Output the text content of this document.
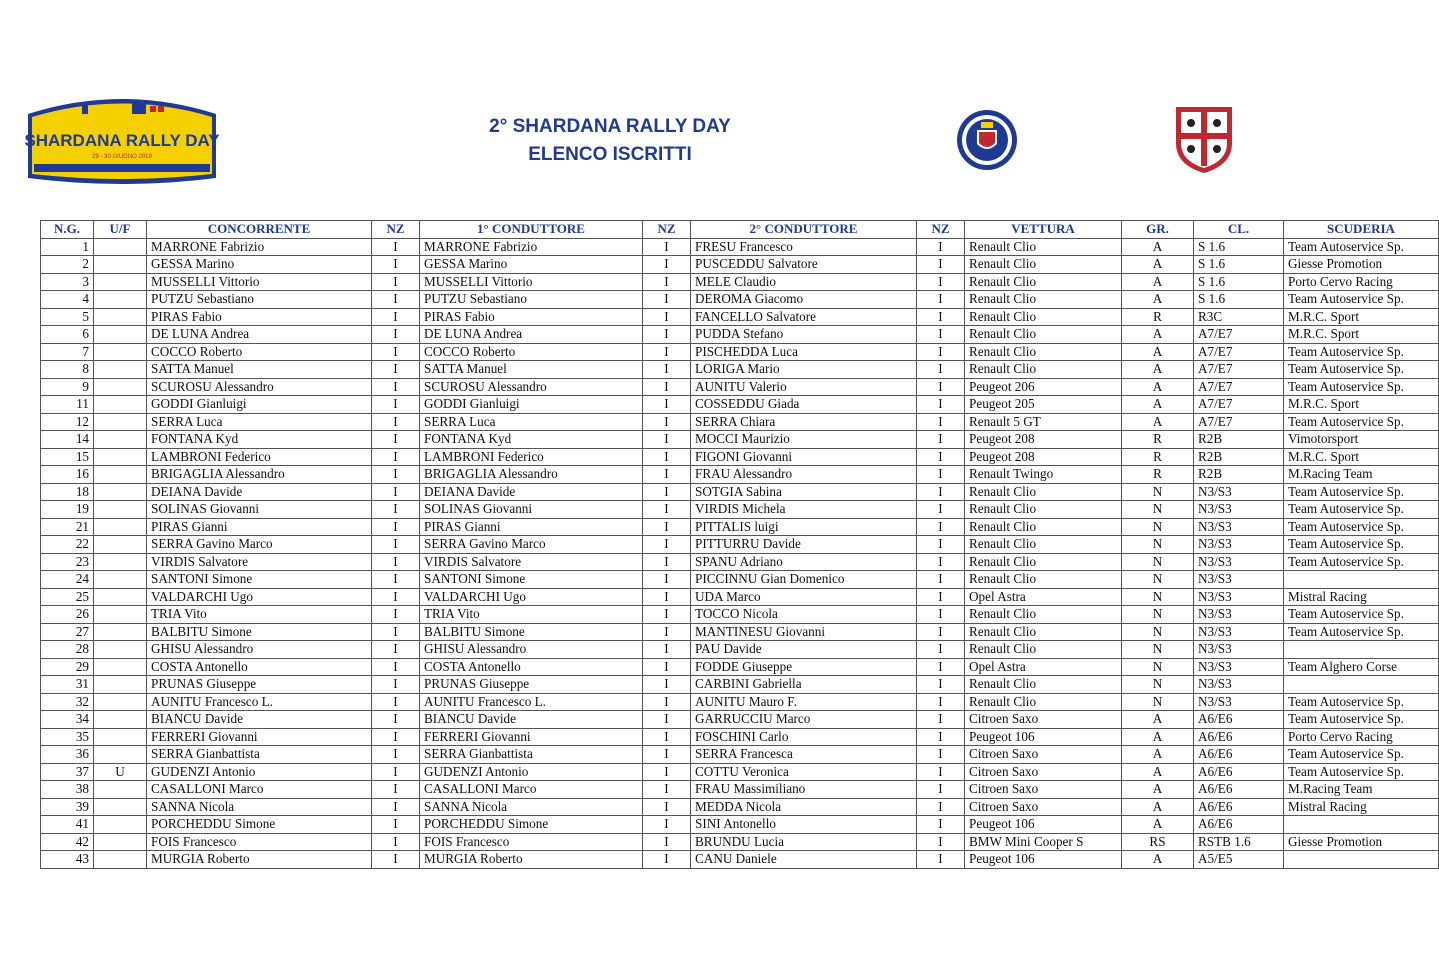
SHARDANA RALLY DAY
29 - 30 GIUGNO 2019
2° SHARDANA RALLY DAY
ELENCO ISCRITTI
N.G.	U/F	CONCORRENTE	NZ	1° CONDUTTORE	NZ	2° CONDUTTORE	NZ	VETTURA	GR.	CL.	SCUDERIA
1		MARRONE Fabrizio	I	MARRONE Fabrizio	I	FRESU Francesco	I	Renault Clio	A	S 1.6	Team Autoservice Sp.
2		GESSA Marino	I	GESSA Marino	I	PUSCEDDU Salvatore	I	Renault Clio	A	S 1.6	Giesse Promotion
3		MUSSELLI Vittorio	I	MUSSELLI Vittorio	I	MELE Claudio	I	Renault Clio	A	S 1.6	Porto Cervo Racing
4		PUTZU Sebastiano	I	PUTZU Sebastiano	I	DEROMA Giacomo	I	Renault Clio	A	S 1.6	Team Autoservice Sp.
5		PIRAS Fabio	I	PIRAS Fabio	I	FANCELLO Salvatore	I	Renault Clio	R	R3C	M.R.C. Sport
6		DE LUNA Andrea	I	DE LUNA Andrea	I	PUDDA Stefano	I	Renault Clio	A	A7/E7	M.R.C. Sport
7		COCCO Roberto	I	COCCO Roberto	I	PISCHEDDA Luca	I	Renault Clio	A	A7/E7	Team Autoservice Sp.
8		SATTA Manuel	I	SATTA Manuel	I	LORIGA Mario	I	Renault Clio	A	A7/E7	Team Autoservice Sp.
9		SCUROSU Alessandro	I	SCUROSU Alessandro	I	AUNITU Valerio	I	Peugeot 206	A	A7/E7	Team Autoservice Sp.
11		GODDI Gianluigi	I	GODDI Gianluigi	I	COSSEDDU Giada	I	Peugeot 205	A	A7/E7	M.R.C. Sport
12		SERRA Luca	I	SERRA Luca	I	SERRA Chiara	I	Renault 5 GT	A	A7/E7	Team Autoservice Sp.
14		FONTANA Kyd	I	FONTANA Kyd	I	MOCCI Maurizio	I	Peugeot 208	R	R2B	Vimotorsport
15		LAMBRONI Federico	I	LAMBRONI Federico	I	FIGONI Giovanni	I	Peugeot 208	R	R2B	M.R.C. Sport
16		BRIGAGLIA Alessandro	I	BRIGAGLIA Alessandro	I	FRAU Alessandro	I	Renault Twingo	R	R2B	M.Racing Team
18		DEIANA Davide	I	DEIANA Davide	I	SOTGIA Sabina	I	Renault Clio	N	N3/S3	Team Autoservice Sp.
19		SOLINAS Giovanni	I	SOLINAS Giovanni	I	VIRDIS Michela	I	Renault Clio	N	N3/S3	Team Autoservice Sp.
21		PIRAS Gianni	I	PIRAS Gianni	I	PITTALIS luigi	I	Renault Clio	N	N3/S3	Team Autoservice Sp.
22		SERRA Gavino Marco	I	SERRA Gavino Marco	I	PITTURRU Davide	I	Renault Clio	N	N3/S3	Team Autoservice Sp.
23		VIRDIS Salvatore	I	VIRDIS Salvatore	I	SPANU Adriano	I	Renault Clio	N	N3/S3	Team Autoservice Sp.
24		SANTONI Simone	I	SANTONI Simone	I	PICCINNU Gian Domenico	I	Renault Clio	N	N3/S3	
25		VALDARCHI Ugo	I	VALDARCHI Ugo	I	UDA Marco	I	Opel Astra	N	N3/S3	Mistral Racing
26		TRIA Vito	I	TRIA Vito	I	TOCCO Nicola	I	Renault Clio	N	N3/S3	Team Autoservice Sp.
27		BALBITU Simone	I	BALBITU Simone	I	MANTINESU Giovanni	I	Renault Clio	N	N3/S3	Team Autoservice Sp.
28		GHISU Alessandro	I	GHISU Alessandro	I	PAU Davide	I	Renault Clio	N	N3/S3	
29		COSTA Antonello	I	COSTA Antonello	I	FODDE Giuseppe	I	Opel Astra	N	N3/S3	Team Alghero Corse
31		PRUNAS Giuseppe	I	PRUNAS Giuseppe	I	CARBINI Gabriella	I	Renault Clio	N	N3/S3	
32		AUNITU Francesco L.	I	AUNITU Francesco L.	I	AUNITU Mauro F.	I	Renault Clio	N	N3/S3	Team Autoservice Sp.
34		BIANCU Davide	I	BIANCU Davide	I	GARRUCCIU Marco	I	Citroen Saxo	A	A6/E6	Team Autoservice Sp.
35		FERRERI Giovanni	I	FERRERI Giovanni	I	FOSCHINI Carlo	I	Peugeot 106	A	A6/E6	Porto Cervo Racing
36		SERRA Gianbattista	I	SERRA Gianbattista	I	SERRA Francesca	I	Citroen Saxo	A	A6/E6	Team Autoservice Sp.
37	U	GUDENZI Antonio	I	GUDENZI Antonio	I	COTTU Veronica	I	Citroen Saxo	A	A6/E6	Team Autoservice Sp.
38		CASALLONI Marco	I	CASALLONI Marco	I	FRAU Massimiliano	I	Citroen Saxo	A	A6/E6	M.Racing Team
39		SANNA Nicola	I	SANNA Nicola	I	MEDDA Nicola	I	Citroen Saxo	A	A6/E6	Mistral Racing
41		PORCHEDDU Simone	I	PORCHEDDU Simone	I	SINI Antonello	I	Peugeot 106	A	A6/E6	
42		FOIS Francesco	I	FOIS Francesco	I	BRUNDU Lucia	I	BMW Mini Cooper S	RS	RSTB 1.6	Giesse Promotion
43		MURGIA Roberto	I	MURGIA Roberto	I	CANU Daniele	I	Peugeot 106	A	A5/E5	
